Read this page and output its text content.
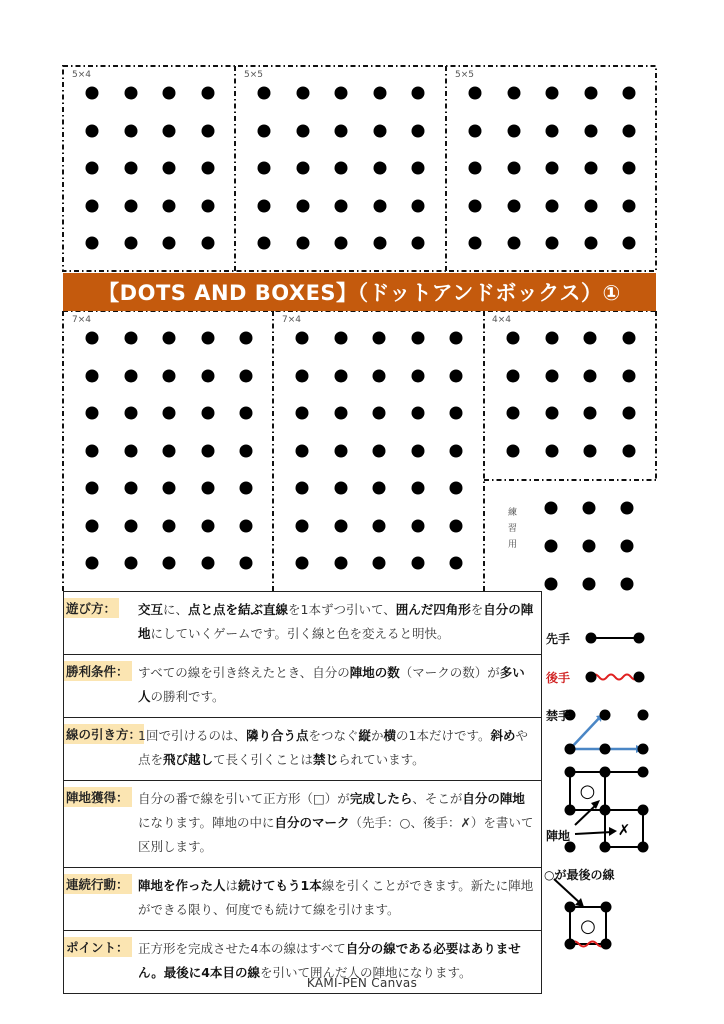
5×4	5×5	5×5
7×4	7×4	4×4
【DOTS AND BOXES】（ドットアンドボックス）①
練習用
遊び方：	交互に、点と点を結ぶ直線を1本ずつ引いて、囲んだ四角形を自分の陣地にしていくゲームです。引く線と色を変えると明快。
勝利条件： すべての線を引き終えたとき、自分の陣地の数（マークの数）が多い人の勝利です。
線の引き方：
1回で引けるのは、隣り合う点をつなぐ縦か横の1本だけです。斜めや点を飛び越して長く引くことは禁じられています。
陣地獲得： 自分の番で線を引いて正方形（□）が完成したら、そこが自分の陣地になります。陣地の中に自分のマーク（先手：○、後手：✗）を書いて区別します。
連続行動： 陣地を作った人は続けてもう1本線を引くことができます。新たに陣地ができる限り、何度でも続けて線を引けます。
ポイント： 正方形を完成させた4本の線はすべて自分の線である必要はありません。最後に4本目の線を引いて囲んだ人の陣地になります。
○
✗
○
先手
後手
禁手
陣地
○が最後の線
KAMI-PEN Canvas
